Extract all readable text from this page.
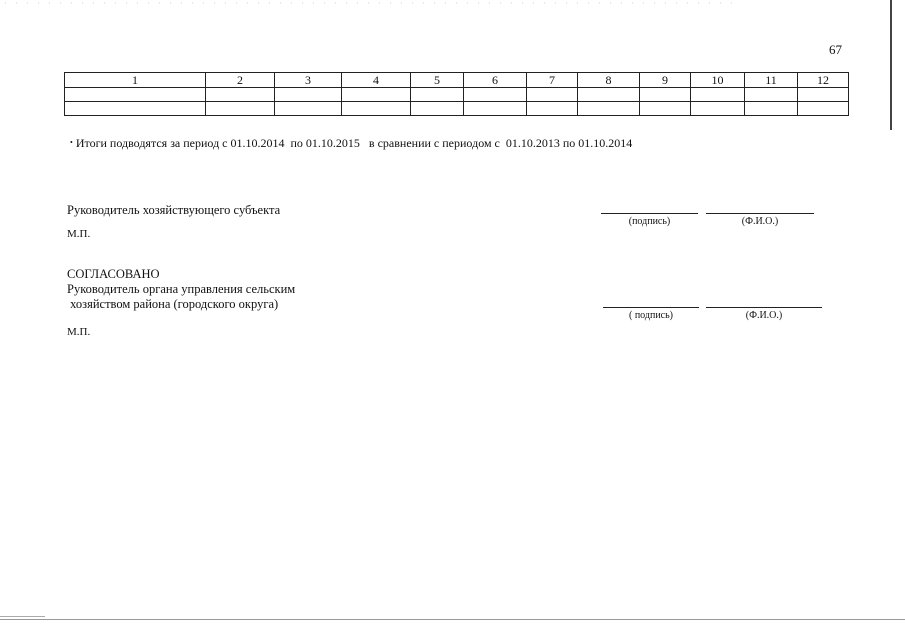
67
1	2	3	4	5	6	7	8	9	10	11	12

• Итоги подводятся за период с 01.10.2014  по 01.10.2015   в сравнении с периодом с  01.10.2013 по 01.10.2014
Руководитель хозяйствующего субъекта
М.П.
(подпись)	(Ф.И.О.)
СОГЛАСОВАНО
Руководитель органа управления сельским
хозяйством района (городского округа)
М.П.
( подпись)	(Ф.И.О.)
